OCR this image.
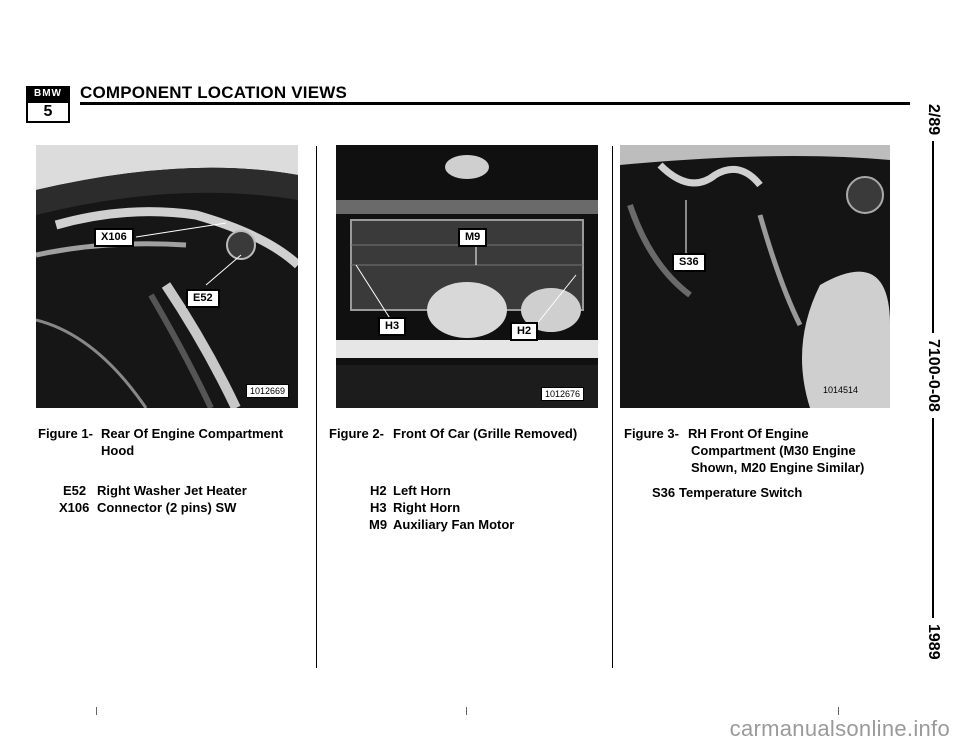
BMW
5
COMPONENT LOCATION VIEWS
2/89
7100-0-08
1989
X106
E52
1012669
M9
H3	H2
1012676
S36
1014514
Figure 1- Rear Of Engine Compartment
Hood
E52 Right Washer Jet Heater
X106 Connector (2 pins) SW
Figure 2- Front Of Car (Grille Removed)
H2 Left Horn
H3 Right Horn
M9 Auxiliary Fan Motor
Figure 3- RH Front Of Engine
Compartment (M30 Engine
Shown, M20 Engine Similar)
S36 Temperature Switch
carmanualsonline.info
